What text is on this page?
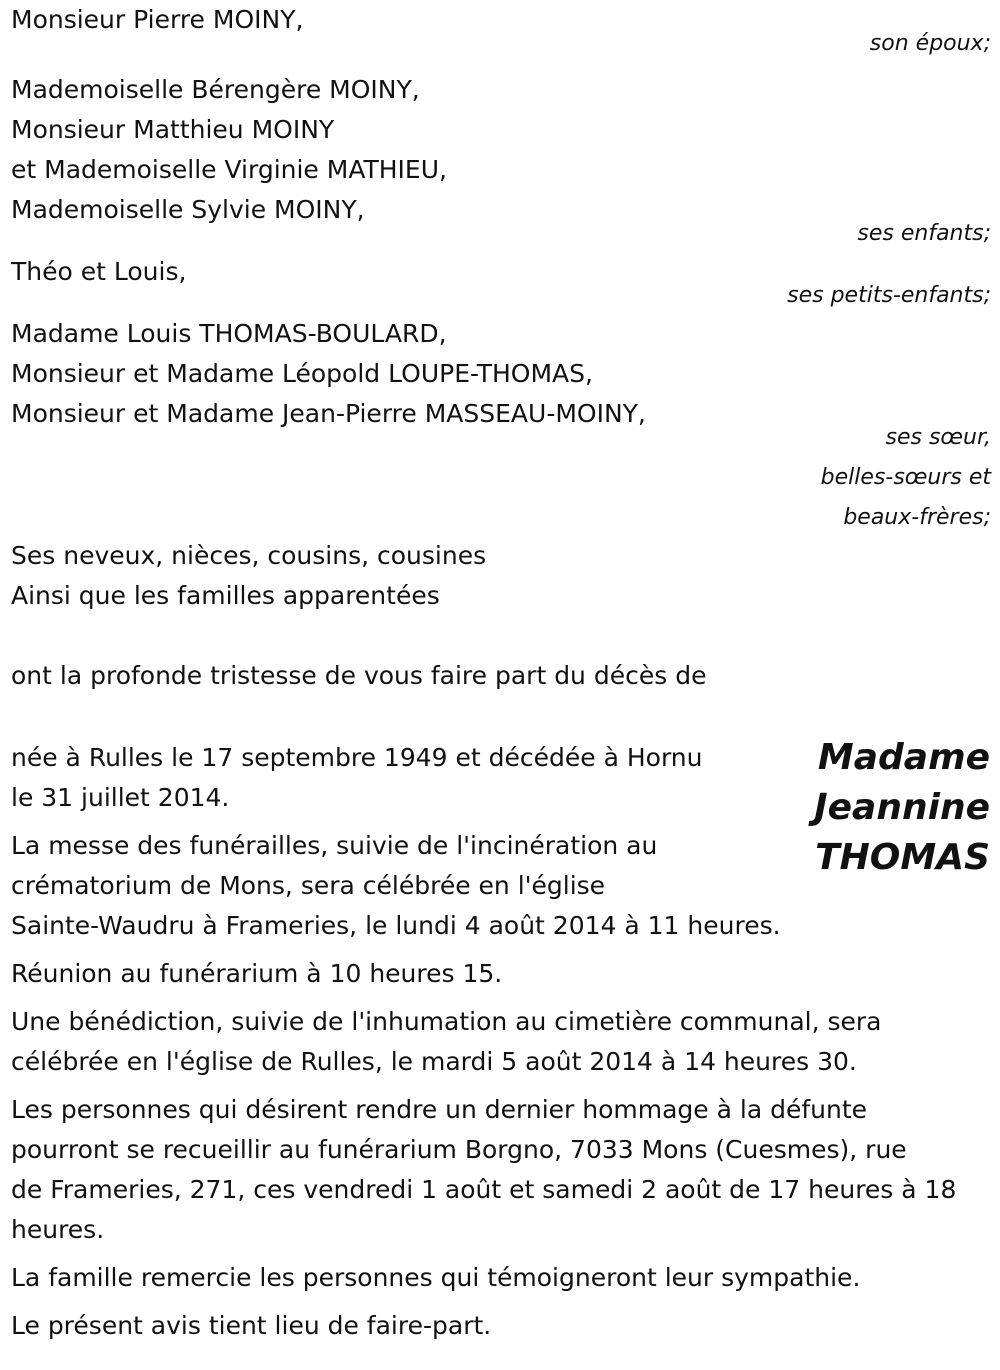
Monsieur Pierre MOINY,
son époux;
Mademoiselle Bérengère MOINY,
Monsieur Matthieu MOINY
et Mademoiselle Virginie MATHIEU,
Mademoiselle Sylvie MOINY,
ses enfants;
Théo et Louis,
ses petits-enfants;
Madame Louis THOMAS-BOULARD,
Monsieur et Madame Léopold LOUPE-THOMAS,
Monsieur et Madame Jean-Pierre MASSEAU-MOINY,
ses sœur,
belles-sœurs et
beaux-frères;
Ses neveux, nièces, cousins, cousines
Ainsi que les familles apparentées
ont la profonde tristesse de vous faire part du décès de
Madame
Jeannine
THOMAS
née à Rulles le 17 septembre 1949 et décédée à Hornu
le 31 juillet 2014.
La messe des funérailles, suivie de l'incinération au
crématorium de Mons, sera célébrée en l'église
Sainte-Waudru à Frameries, le lundi 4 août 2014 à 11 heures.
Réunion au funérarium à 10 heures 15.
Une bénédiction, suivie de l'inhumation au cimetière communal, sera
célébrée en l'église de Rulles, le mardi 5 août 2014 à 14 heures 30.
Les personnes qui désirent rendre un dernier hommage à la défunte
pourront se recueillir au funérarium Borgno, 7033 Mons (Cuesmes), rue
de Frameries, 271, ces vendredi 1 août et samedi 2 août de 17 heures à 18
heures.
La famille remercie les personnes qui témoigneront leur sympathie.
Le présent avis tient lieu de faire-part.
